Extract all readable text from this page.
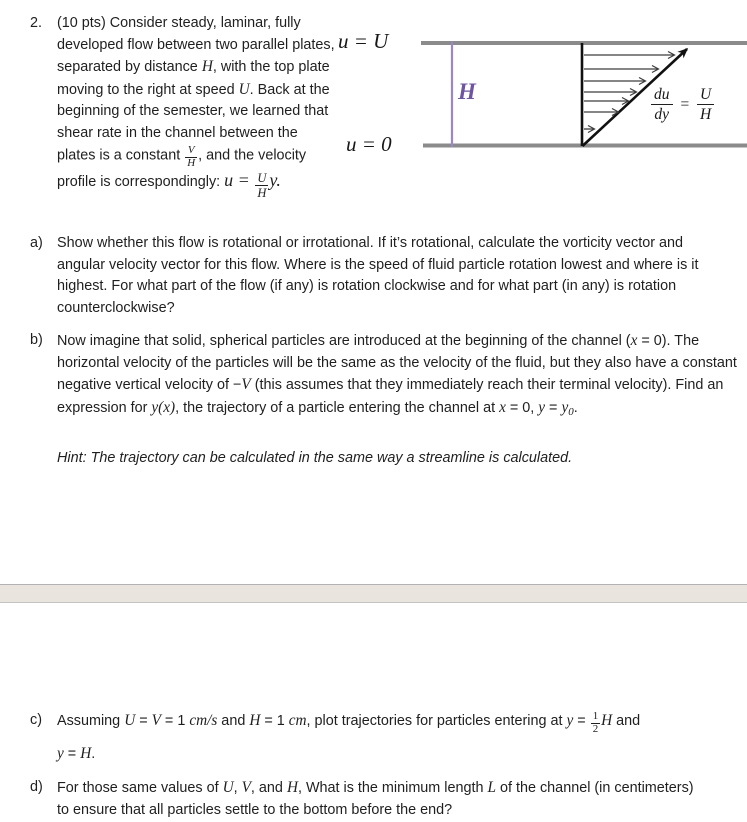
2.	(10 pts) Consider steady, laminar, fully developed flow between two parallel plates, separated by distance H, with the top plate moving to the right at speed U. Back at the beginning of the semester, we learned that shear rate in the channel between the plates is a constant $\frac{V}{H}$ , and the velocity profile is correspondingly: $u = \frac{U}{H} y$.
u = U
u = 0
H	$\frac{du}{dy} = \frac{U}{H}$
a) Show whether this flow is rotational or irrotational. If it’s rotational, calculate the vorticity vector and angular velocity vector for this flow. Where is the speed of fluid particle rotation lowest and where is it highest. For what part of the flow (if any) is rotation clockwise and for what part (in any) is rotation counterclockwise?
b) Now imagine that solid, spherical particles are introduced at the beginning of the channel (x = 0). The horizontal velocity of the particles will be the same as the velocity of the fluid, but they also have a constant negative vertical velocity of −V (this assumes that they immediately reach their terminal velocity). Find an expression for y(x), the trajectory of a particle entering the channel at x = 0, $y = y_0$.
Hint: The trajectory can be calculated in the same way a streamline is calculated.
c)	Assuming U = V = 1 cm/s and H = 1 cm, plot trajectories for particles entering at $y = \frac{1}{2}$ H and
y = H.
d) For those same values of U, V, and H, What is the minimum length L of the channel (in centimeters) to ensure that all particles settle to the bottom before the end?
